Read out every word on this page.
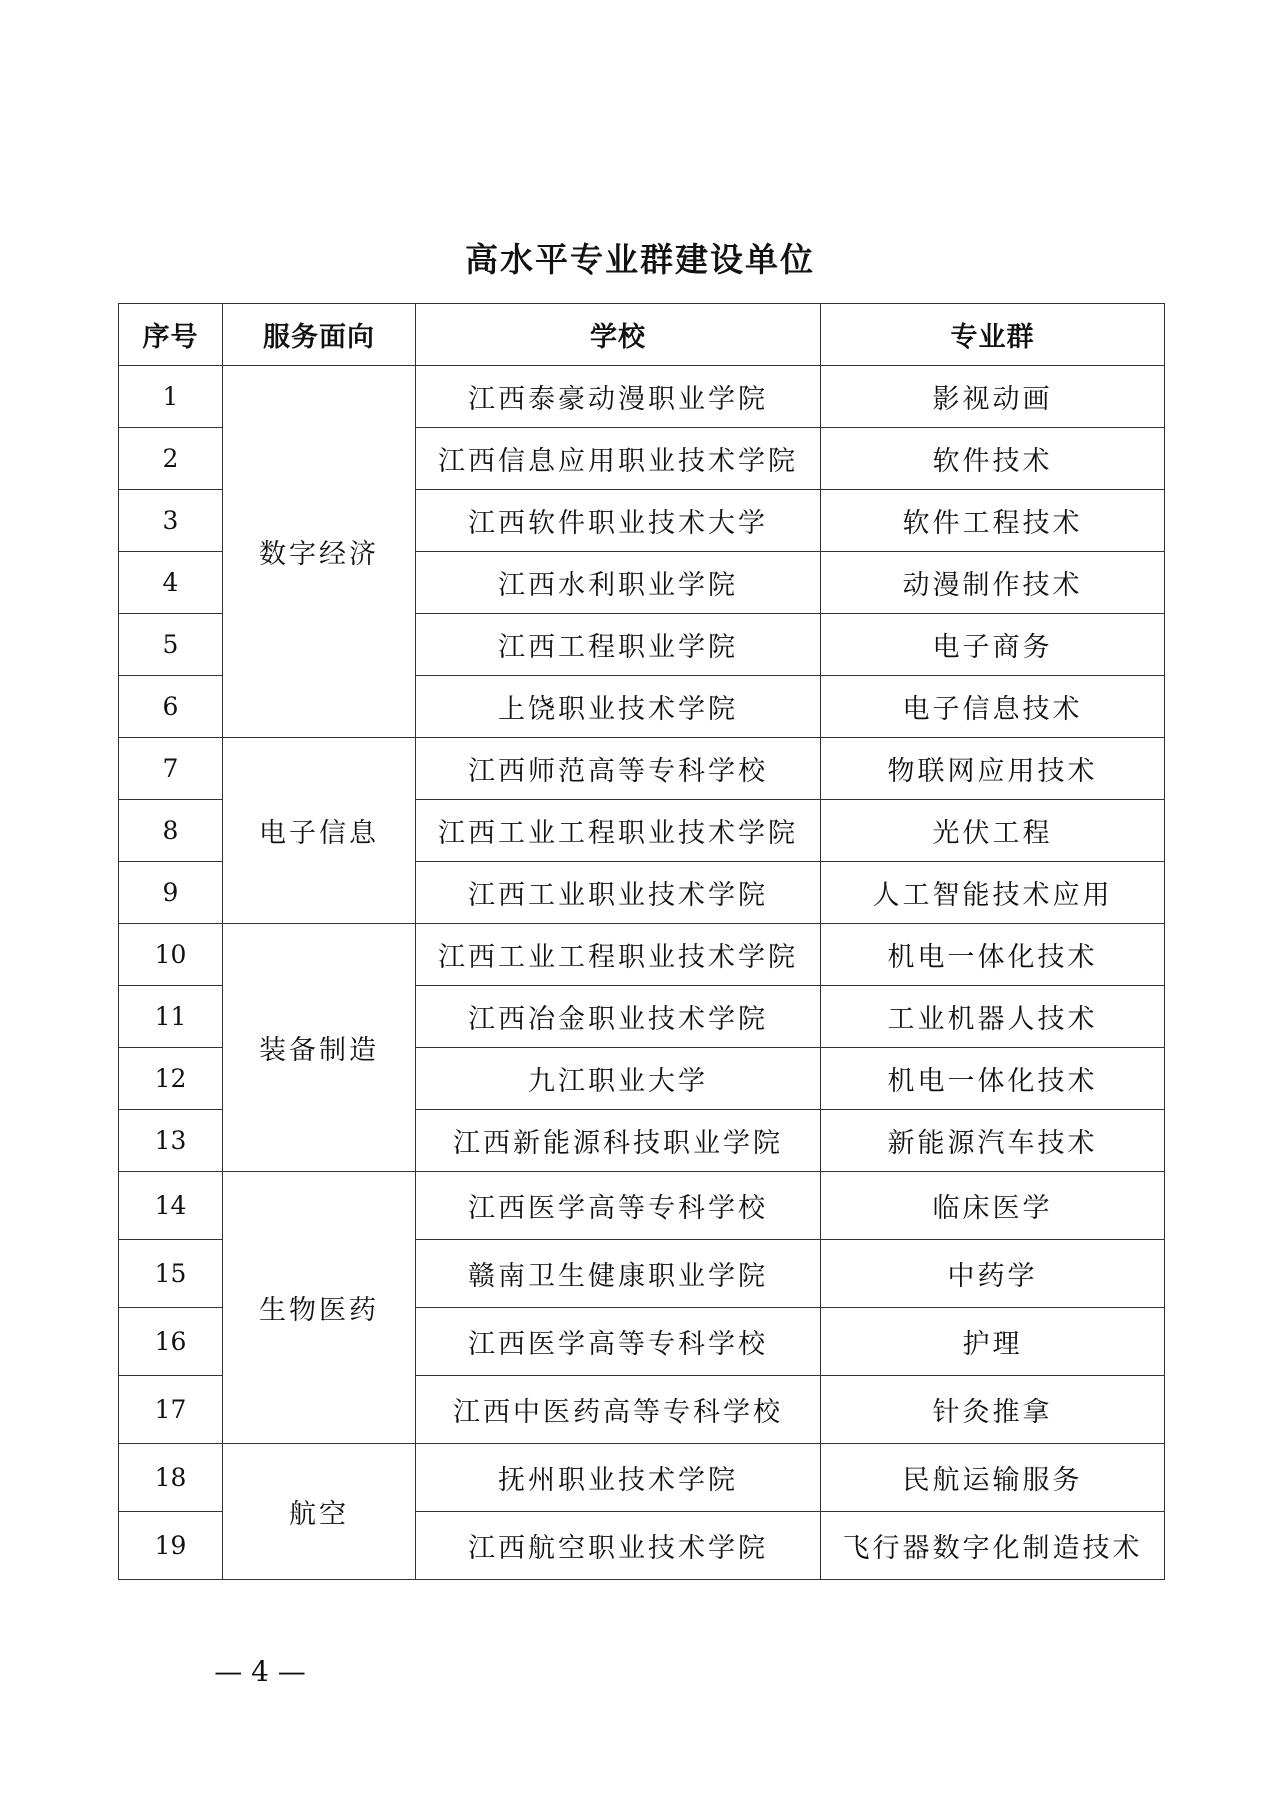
高水平专业群建设单位
序号	服务面向	学校	专业群
1	数字经济	江西泰豪动漫职业学院	影视动画
2		江西信息应用职业技术学院	软件技术
3		江西软件职业技术大学	软件工程技术
4		江西水利职业学院	动漫制作技术
5		江西工程职业学院	电子商务
6		上饶职业技术学院	电子信息技术
7	电子信息	江西师范高等专科学校	物联网应用技术
8		江西工业工程职业技术学院	光伏工程
9		江西工业职业技术学院	人工智能技术应用
10	装备制造	江西工业工程职业技术学院	机电一体化技术
11		江西冶金职业技术学院	工业机器人技术
12		九江职业大学	机电一体化技术
13		江西新能源科技职业学院	新能源汽车技术
14	生物医药	江西医学高等专科学校	临床医学
15		赣南卫生健康职业学院	中药学
16		江西医学高等专科学校	护理
17		江西中医药高等专科学校	针灸推拿
18	航空	抚州职业技术学院	民航运输服务
19		江西航空职业技术学院	飞行器数字化制造技术
— 4 —
